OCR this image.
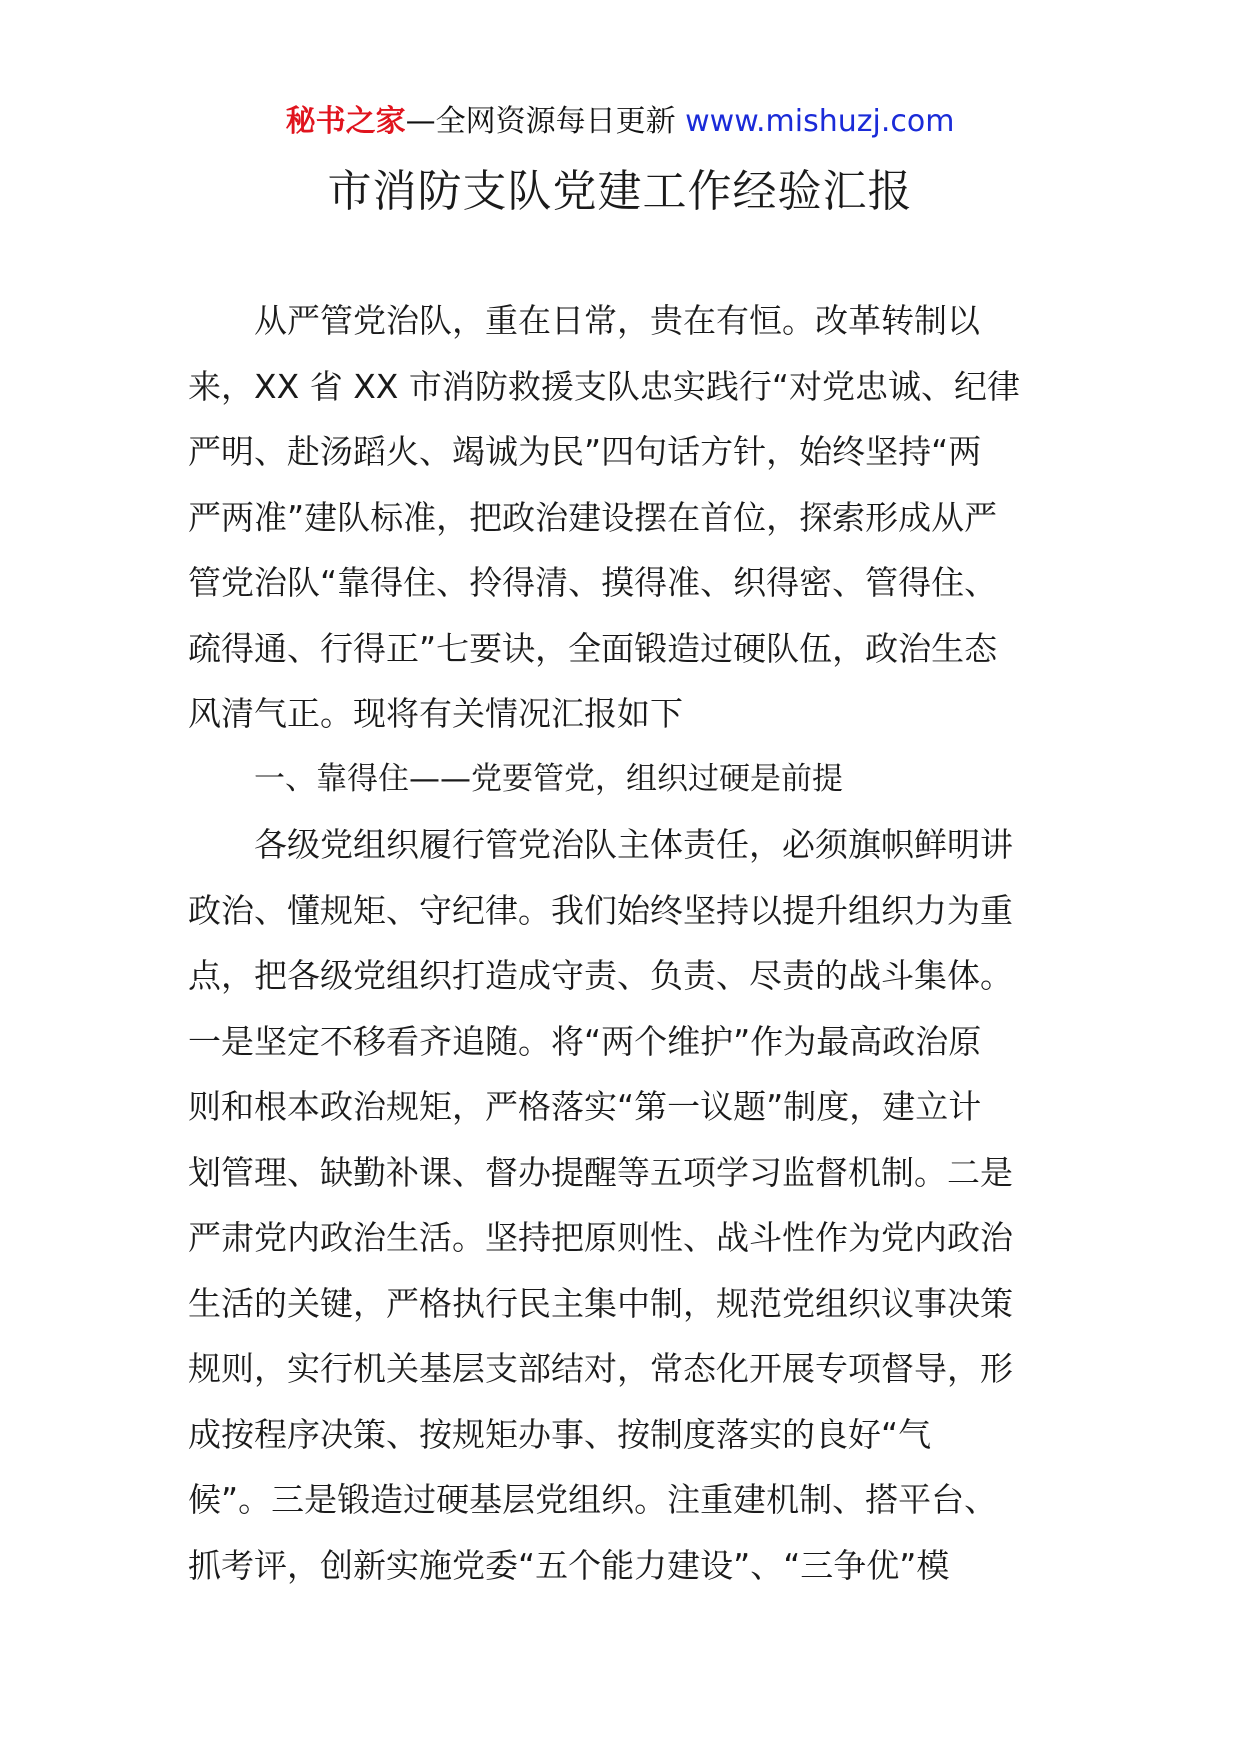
秘书之家—全网资源每日更新 www.mishuzj.com
市消防支队党建工作经验汇报
从严管党治队，重在日常，贵在有恒。改革转制以
来，XX 省 XX 市消防救援支队忠实践行“对党忠诚、纪律
严明、赴汤蹈火、竭诚为民”四句话方针，始终坚持“两
严两准”建队标准，把政治建设摆在首位，探索形成从严
管党治队“靠得住、拎得清、摸得准、织得密、管得住、
疏得通、行得正”七要诀，全面锻造过硬队伍，政治生态
风清气正。现将有关情况汇报如下
一、靠得住——党要管党，组织过硬是前提
各级党组织履行管党治队主体责任，必须旗帜鲜明讲
政治、懂规矩、守纪律。我们始终坚持以提升组织力为重
点，把各级党组织打造成守责、负责、尽责的战斗集体。
一是坚定不移看齐追随。将“两个维护”作为最高政治原
则和根本政治规矩，严格落实“第一议题”制度，建立计
划管理、缺勤补课、督办提醒等五项学习监督机制。二是
严肃党内政治生活。坚持把原则性、战斗性作为党内政治
生活的关键，严格执行民主集中制，规范党组织议事决策
规则，实行机关基层支部结对，常态化开展专项督导，形
成按程序决策、按规矩办事、按制度落实的良好“气
候”。三是锻造过硬基层党组织。注重建机制、搭平台、
抓考评，创新实施党委“五个能力建设”、“三争优”模
